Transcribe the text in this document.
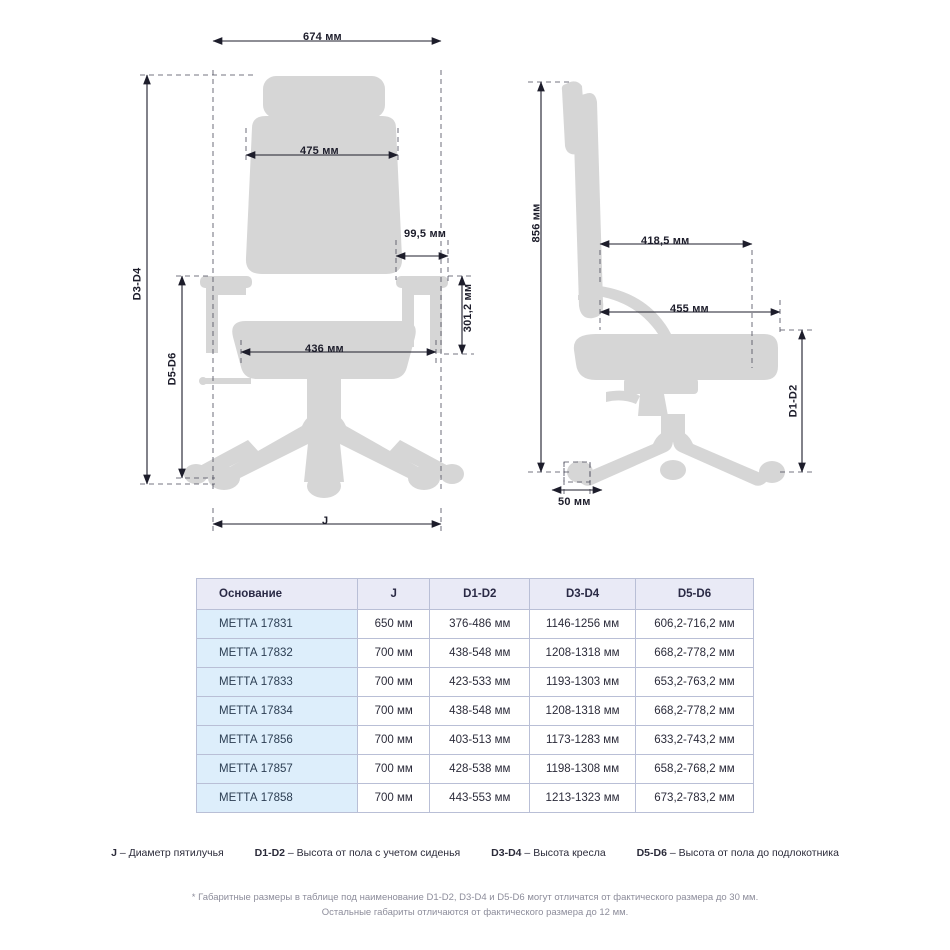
674 мм
475 мм
99,5 мм
301,2 мм
436 мм
D3-D4
D5-D6
J
856 мм	418,5 мм
455 мм
D1-D2
50 мм
Основание	J	D1-D2	D3-D4	D5-D6
МЕТТА 17831	650 мм	376-486 мм	1146-1256 мм	606,2-716,2 мм
МЕТТА 17832	700 мм	438-548 мм	1208-1318 мм	668,2-778,2 мм
МЕТТА 17833	700 мм	423-533 мм	1193-1303 мм	653,2-763,2 мм
МЕТТА 17834	700 мм	438-548 мм	1208-1318 мм	668,2-778,2 мм
МЕТТА 17856	700 мм	403-513 мм	1173-1283 мм	633,2-743,2 мм
МЕТТА 17857	700 мм	428-538 мм	1198-1308 мм	658,2-768,2 мм
МЕТТА 17858	700 мм	443-553 мм	1213-1323 мм	673,2-783,2 мм
J – Диаметр пятилучья	D1-D2 – Высота от пола с учетом сиденья	D3-D4 – Высота кресла	D5-D6 – Высота от пола до подлокотника
* Габаритные размеры в таблице под наименование D1-D2, D3-D4 и D5-D6 могут отличатся от фактического размера до 30 мм.
Остальные габариты отличаются от фактического размера до 12 мм.
